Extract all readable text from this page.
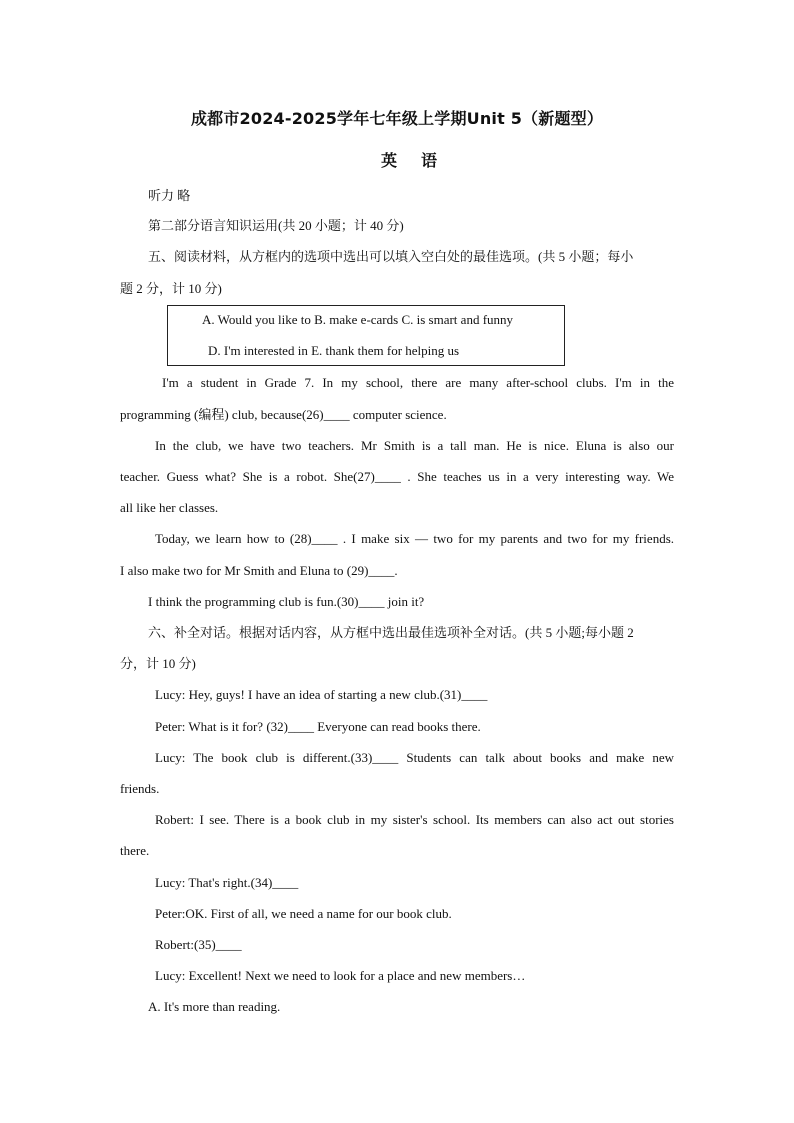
成都市2024-2025学年七年级上学期Unit 5（新题型）
英语
听力 略
第二部分语言知识运用(共 20 小题；计 40 分)
五、阅读材料，从方框内的选项中选出可以填入空白处的最佳选项。(共 5 小题；每小
题 2 分，计 10 分)
A. Would you like to B. make e-cards C. is smart and funny
D. I'm interested in E. thank them for helping us
I'm a student in Grade 7. In my school, there are many after-school clubs. I'm in the
programming (编程) club, because(26)____ computer science.
In the club, we have two teachers. Mr Smith is a tall man. He is nice. Eluna is also our
teacher. Guess what? She is a robot. She(27)____ . She teaches us in a very interesting way. We
all like her classes.
Today, we learn how to (28)____ . I make six — two for my parents and two for my friends.
I also make two for Mr Smith and Eluna to (29)____.
I think the programming club is fun.(30)____ join it?
六、补全对话。根据对话内容，从方框中选出最佳选项补全对话。(共 5 小题;每小题 2
分，计 10 分)
Lucy: Hey, guys! I have an idea of starting a new club.(31)____
Peter: What is it for? (32)____ Everyone can read books there.
Lucy: The book club is different.(33)____ Students can talk about books and make new
friends.
Robert: I see. There is a book club in my sister's school. Its members can also act out stories
there.
Lucy: That's right.(34)____
Peter:OK. First of all, we need a name for our book club.
Robert:(35)____
Lucy: Excellent! Next we need to look for a place and new members…
A. It's more than reading.
